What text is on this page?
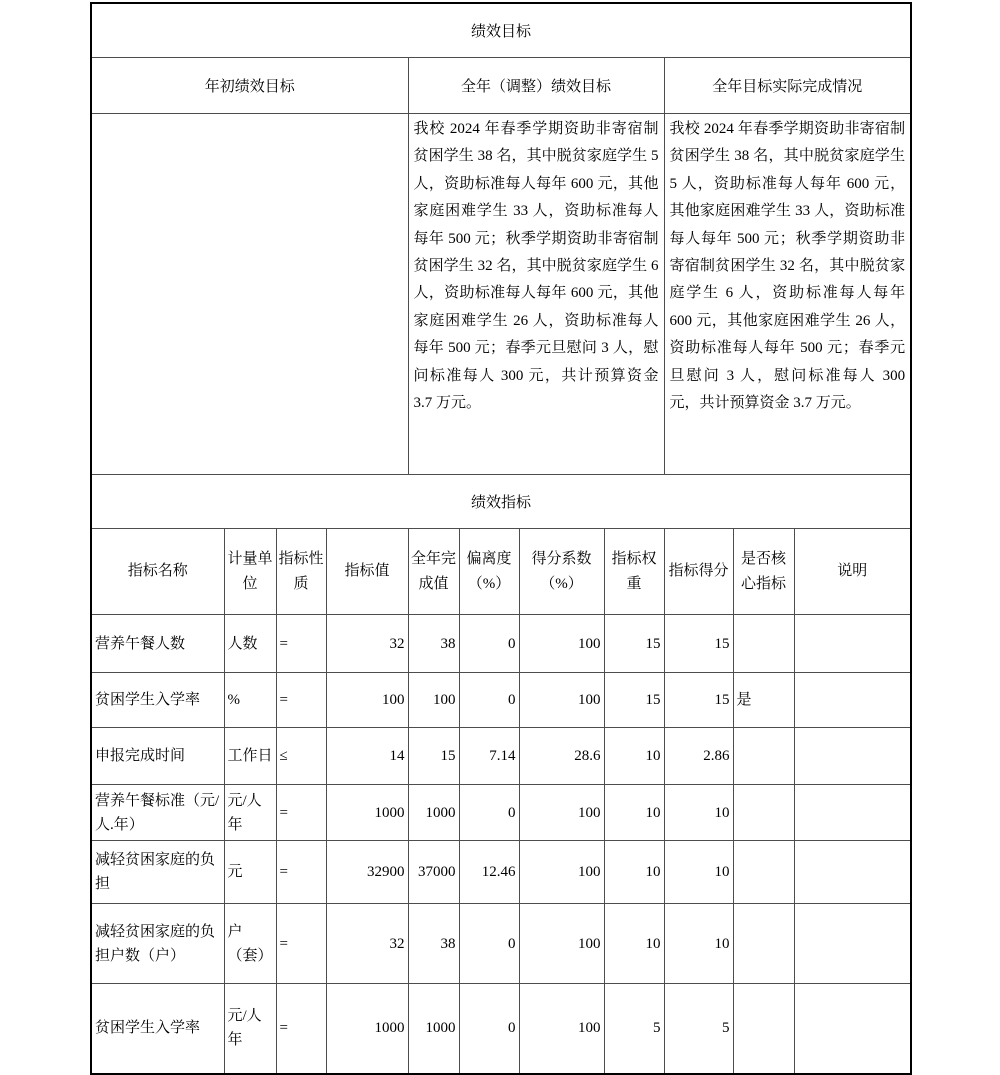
绩效目标										
年初绩效目标				全年（调整）绩效目标				全年目标实际完成情况		
	我校 2024 年春季学期资助非寄宿制贫困学生 38 名，其中脱贫家庭学生 5 人，资助标准每人每年 600 元，其他家庭困难学生 33 人，资助标准每人每年 500 元；秋季学期资助非寄宿制贫困学生 32 名，其中脱贫家庭学生 6 人，资助标准每人每年 600 元，其他家庭困难学生 26 人，资助标准每人每年 500 元；春季元旦慰问 3 人，慰问标准每人 300 元，共计预算资金 3.7 万元。	我校 2024 年春季学期资助非寄宿制贫困学生 38 名，其中脱贫家庭学生 5 人，资助标准每人每年 600 元，其他家庭困难学生 33 人，资助标准每人每年 500 元；秋季学期资助非寄宿制贫困学生 32 名，其中脱贫家庭学生 6 人，资助标准每人每年 600 元，其他家庭困难学生 26 人，资助标准每人每年 500 元；春季元旦慰问 3 人，慰问标准每人 300 元，共计预算资金 3.7 万元。
绩效指标										
指标名称	计量单位	指标性质	指标值	全年完成值	偏离度（%）	得分系数（%）	指标权重	指标得分	是否核心指标	说明
营养午餐人数	人数	=	32	38	0	100	15	15		
贫困学生入学率	%	=	100	100	0	100	15	15	是	
申报完成时间	工作日	≤	14	15	7.14	28.6	10	2.86		
营养午餐标准（元/人.年）	元/人年	=	1000	1000	0	100	10	10		
减轻贫困家庭的负担	元	=	32900	37000	12.46	100	10	10		
减轻贫困家庭的负担户数（户）	户（套）	=	32	38	0	100	10	10		
贫困学生入学率	元/人年	=	1000	1000	0	100	5	5		
